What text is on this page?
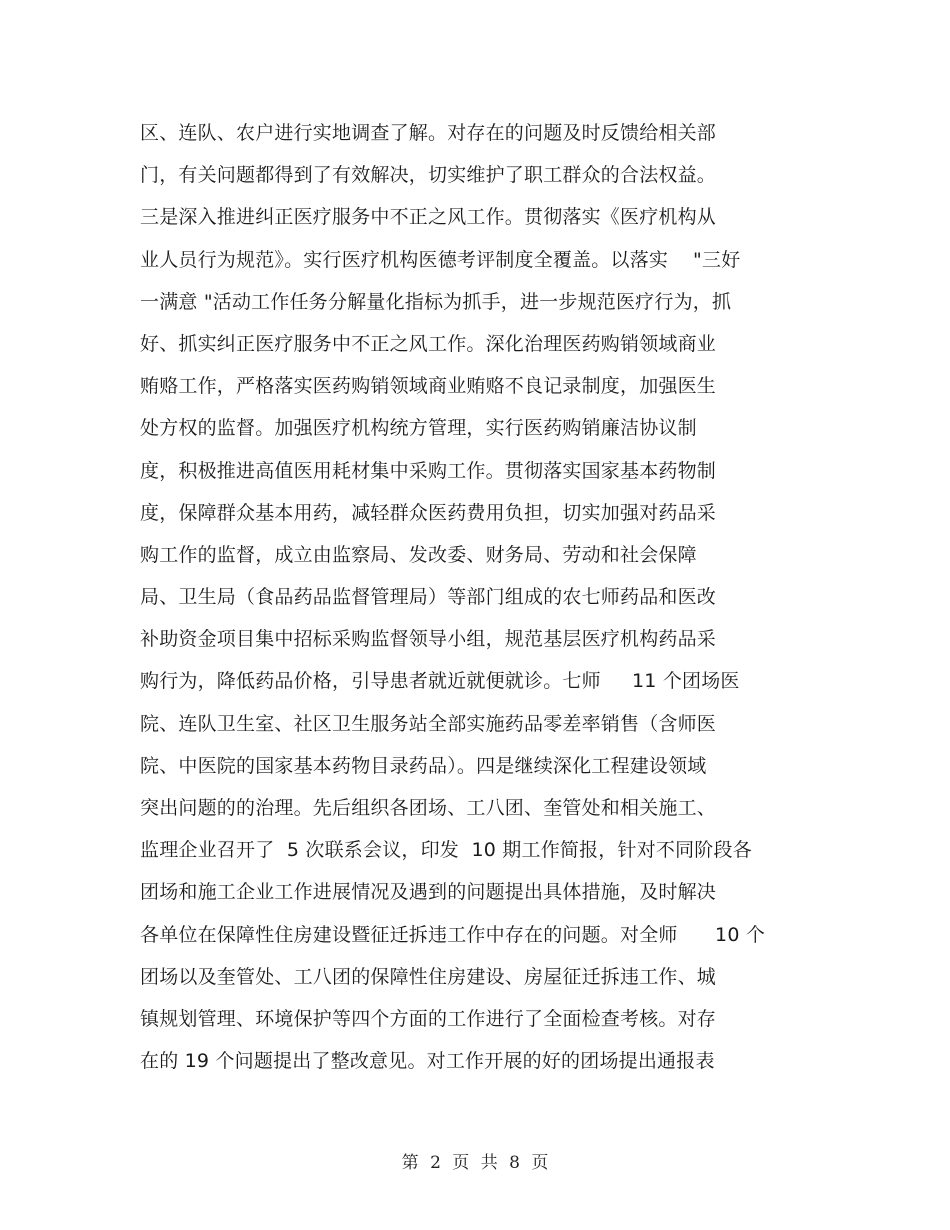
区、连队、农户进行实地调查了解。对存在的问题及时反馈给相关部
门，有关问题都得到了有效解决，切实维护了职工群众的合法权益。
三是深入推进纠正医疗服务中不正之风工作。贯彻落实《医疗机构从
业人员行为规范》。实行医疗机构医德考评制度全覆盖。以落实    "三好
一满意 "活动工作任务分解量化指标为抓手，进一步规范医疗行为，抓
好、抓实纠正医疗服务中不正之风工作。深化治理医药购销领域商业
贿赂工作，严格落实医药购销领域商业贿赂不良记录制度，加强医生
处方权的监督。加强医疗机构统方管理，实行医药购销廉洁协议制
度，积极推进高值医用耗材集中采购工作。贯彻落实国家基本药物制
度，保障群众基本用药，减轻群众医药费用负担，切实加强对药品采
购工作的监督，成立由监察局、发改委、财务局、劳动和社会保障
局、卫生局（食品药品监督管理局）等部门组成的农七师药品和医改
补助资金项目集中招标采购监督领导小组，规范基层医疗机构药品采
购行为，降低药品价格，引导患者就近就便就诊。七师     11 个团场医
院、连队卫生室、社区卫生服务站全部实施药品零差率销售（含师医
院、中医院的国家基本药物目录药品）。四是继续深化工程建设领域
突出问题的的治理。先后组织各团场、工八团、奎管处和相关施工、
监理企业召开了  5 次联系会议，印发  10 期工作简报，针对不同阶段各
团场和施工企业工作进展情况及遇到的问题提出具体措施，及时解决
各单位在保障性住房建设暨征迁拆违工作中存在的问题。对全师      10 个
团场以及奎管处、工八团的保障性住房建设、房屋征迁拆违工作、城
镇规划管理、环境保护等四个方面的工作进行了全面检查考核。对存
在的 19 个问题提出了整改意见。对工作开展的好的团场提出通报表
第 2 页 共 8 页
